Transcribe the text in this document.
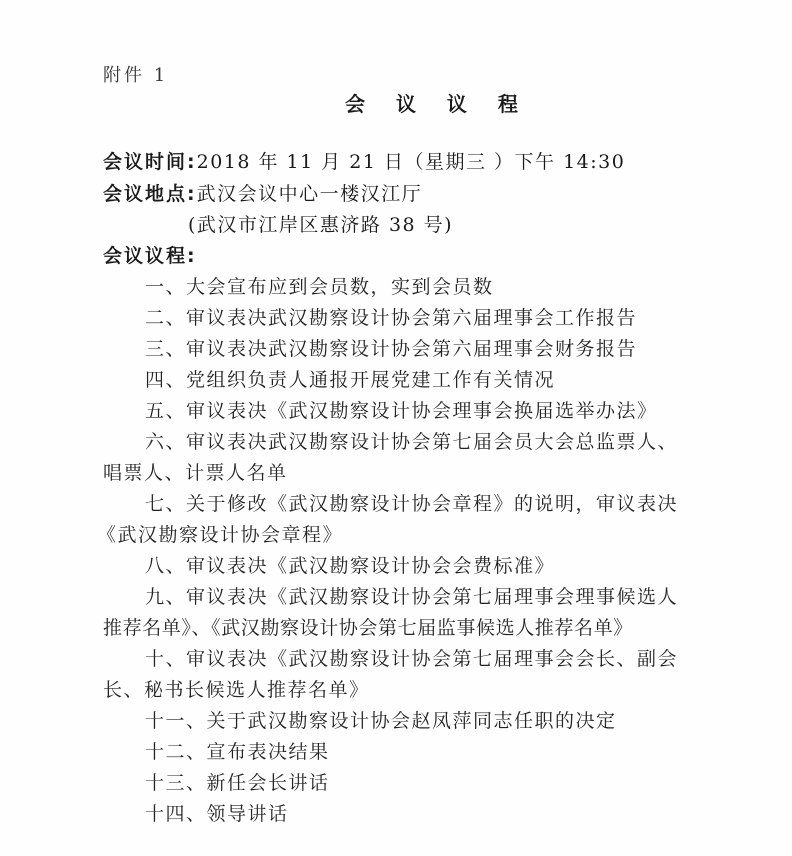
附件 1
会 议 议 程
会议时间:2018 年 11 月 21 日（星期三 ）下午 14:30
会议地点:武汉会议中心一楼汉江厅
(武汉市江岸区惠济路 38 号)
会议议程:
一、大会宣布应到会员数，实到会员数
二、审议表决武汉勘察设计协会第六届理事会工作报告
三、审议表决武汉勘察设计协会第六届理事会财务报告
四、党组织负责人通报开展党建工作有关情况
五、审议表决《武汉勘察设计协会理事会换届选举办法》
六、审议表决武汉勘察设计协会第七届会员大会总监票人、
唱票人、计票人名单
七、关于修改《武汉勘察设计协会章程》的说明，审议表决
《武汉勘察设计协会章程》
八、审议表决《武汉勘察设计协会会费标准》
九、审议表决《武汉勘察设计协会第七届理事会理事候选人
推荐名单》、《武汉勘察设计协会第七届监事候选人推荐名单》
十、审议表决《武汉勘察设计协会第七届理事会会长、副会
长、秘书长候选人推荐名单》
十一、关于武汉勘察设计协会赵凤萍同志任职的决定
十二、宣布表决结果
十三、新任会长讲话
十四、领导讲话
